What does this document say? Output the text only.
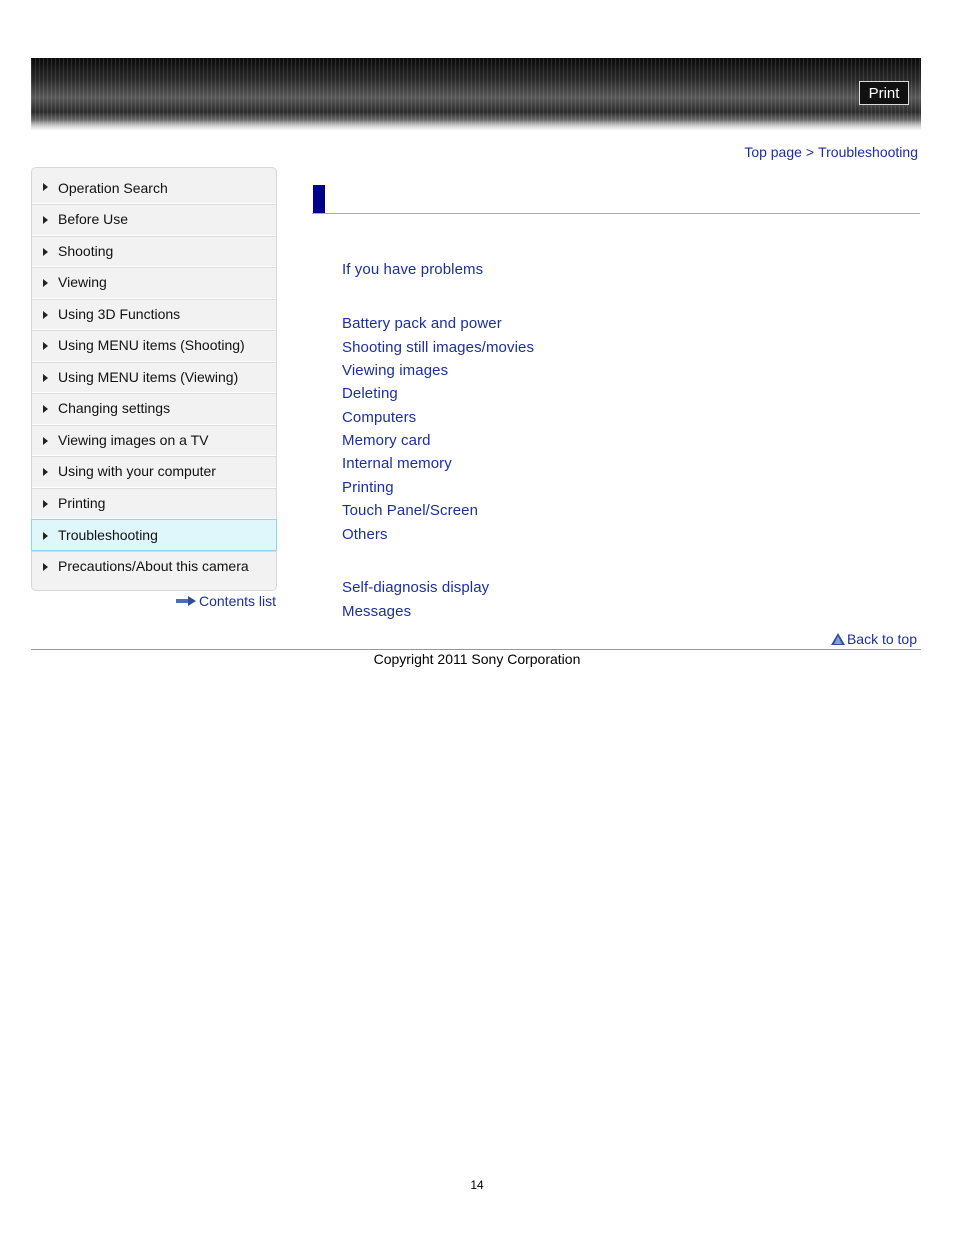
Print
Top page > Troubleshooting
Operation Search
Before Use
Shooting
Viewing
Using 3D Functions
Using MENU items (Shooting)
Using MENU items (Viewing)
Changing settings
Viewing images on a TV
Using with your computer
Printing
Troubleshooting
Precautions/About this camera
Contents list
If you have problems
Battery pack and power
Shooting still images/movies
Viewing images
Deleting
Computers
Memory card
Internal memory
Printing
Touch Panel/Screen
Others
Self-diagnosis display
Messages
Back to top
Copyright 2011 Sony Corporation
14
